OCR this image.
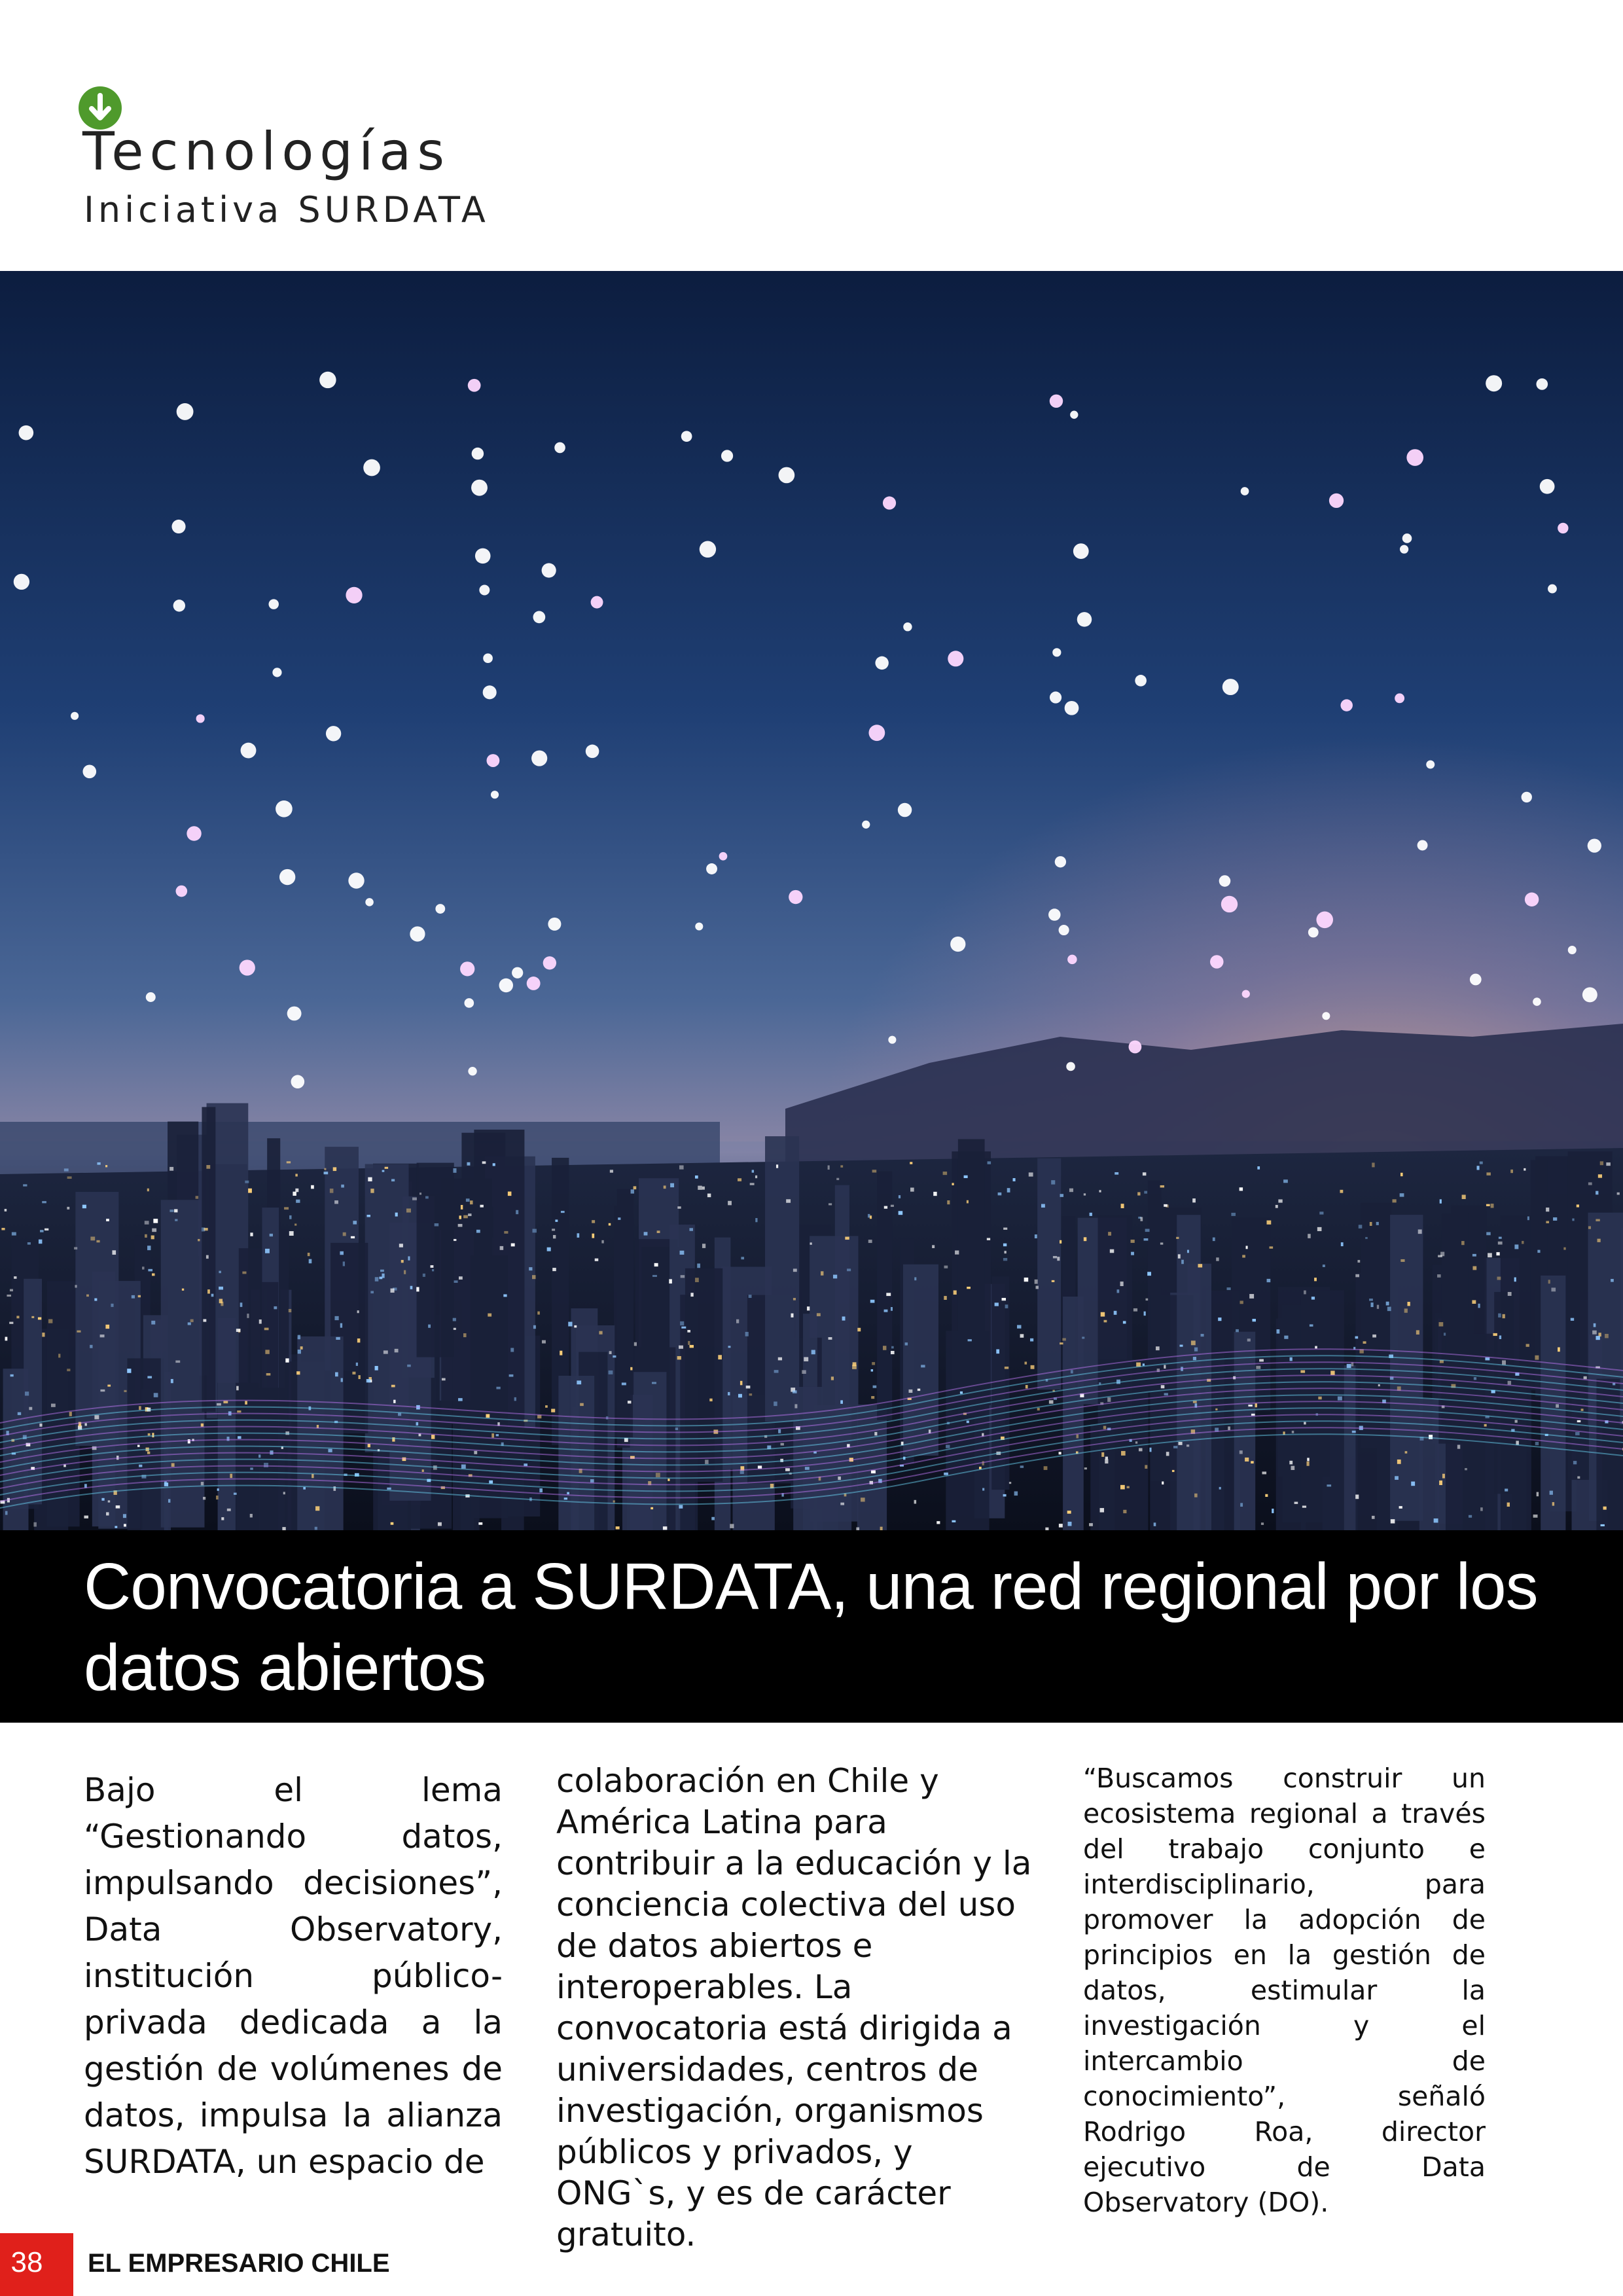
Tecnologías
Iniciativa SURDATA
Convocatoria a SURDATA, una red regional por los datos abiertos
Bajo el lema “Gestionando datos, impulsando decisiones”, Data Observatory, institución público-privada dedicada a la gestión de volúmenes de datos, impulsa la alianza SURDATA, un espacio de
colaboración en Chile y América Latina para contribuir a la educación y la conciencia colectiva del uso de datos abiertos e interoperables. La convocatoria está dirigida a universidades, centros de investigación, organismos públicos y privados, y ONG`s, y es de carácter gratuito.
“Buscamos construir un ecosistema regional a través del trabajo conjunto e interdisciplinario, para promover la adopción de principios en la gestión de datos, estimular la investigación y el intercambio de conocimiento”, señaló Rodrigo Roa, director ejecutivo de Data Observatory (DO).
38	EL EMPRESARIO CHILE
